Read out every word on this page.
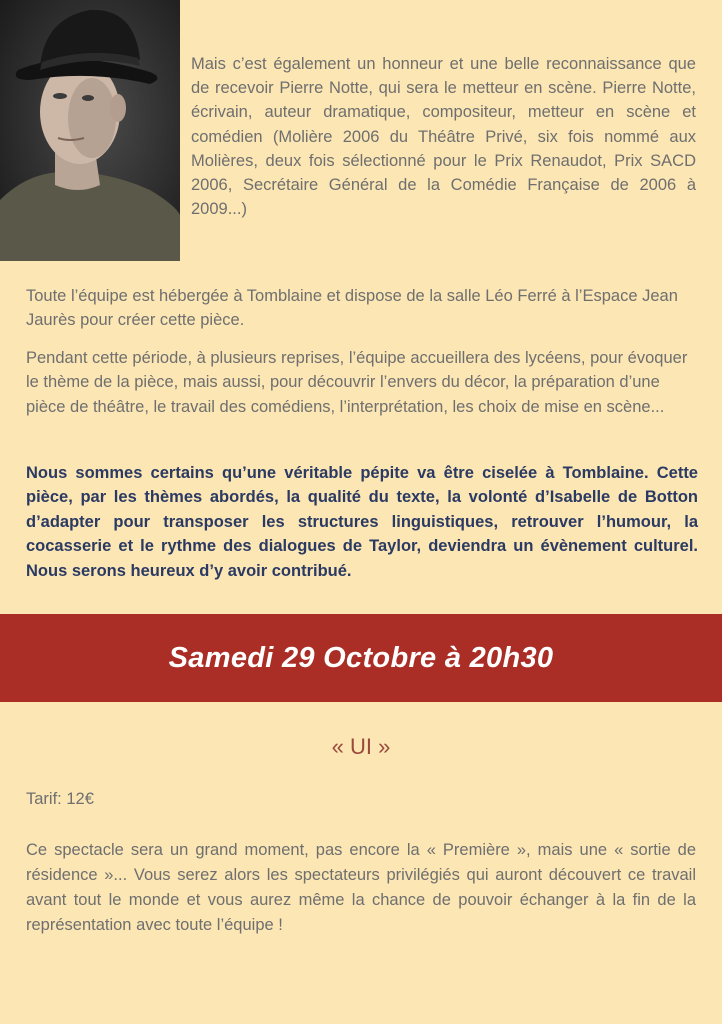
Mais c’est également un honneur et une belle reconnaissance que de recevoir Pierre Notte, qui sera le metteur en scène. Pierre Notte, écrivain, auteur dramatique, compositeur, metteur en scène et comédien (Molière 2006 du Théâtre Privé, six fois nommé aux Molières, deux fois sélectionné pour le Prix Renaudot, Prix SACD 2006, Secrétaire Général de la Comédie Française de 2006 à 2009...)

Toute l’équipe est hébergée à Tomblaine et dispose de la salle Léo Ferré à l’Espace Jean Jaurès pour créer cette pièce.

Pendant cette période, à plusieurs reprises, l’équipe accueillera des lycéens, pour évoquer le thème de la pièce, mais aussi, pour découvrir l’envers du décor, la préparation d’une pièce de théâtre, le travail des comédiens, l’interprétation, les choix de mise en scène...

Nous sommes certains qu’une véritable pépite va être ciselée à Tomblaine. Cette pièce, par les thèmes abordés, la qualité du texte, la volonté d’Isabelle de Botton d’adapter pour transposer les structures linguistiques, retrouver l’humour, la cocasserie et le rythme des dialogues de Taylor, deviendra un évènement culturel. Nous serons heureux d’y avoir contribué.

Samedi 29 Octobre à 20h30

« UI »

Tarif: 12€

Ce spectacle sera un grand moment, pas encore la « Première », mais une « sortie de résidence »... Vous serez alors les spectateurs privilégiés qui auront découvert ce travail avant tout le monde et vous aurez même la chance de pouvoir échanger à la fin de la représentation avec toute l’équipe !
